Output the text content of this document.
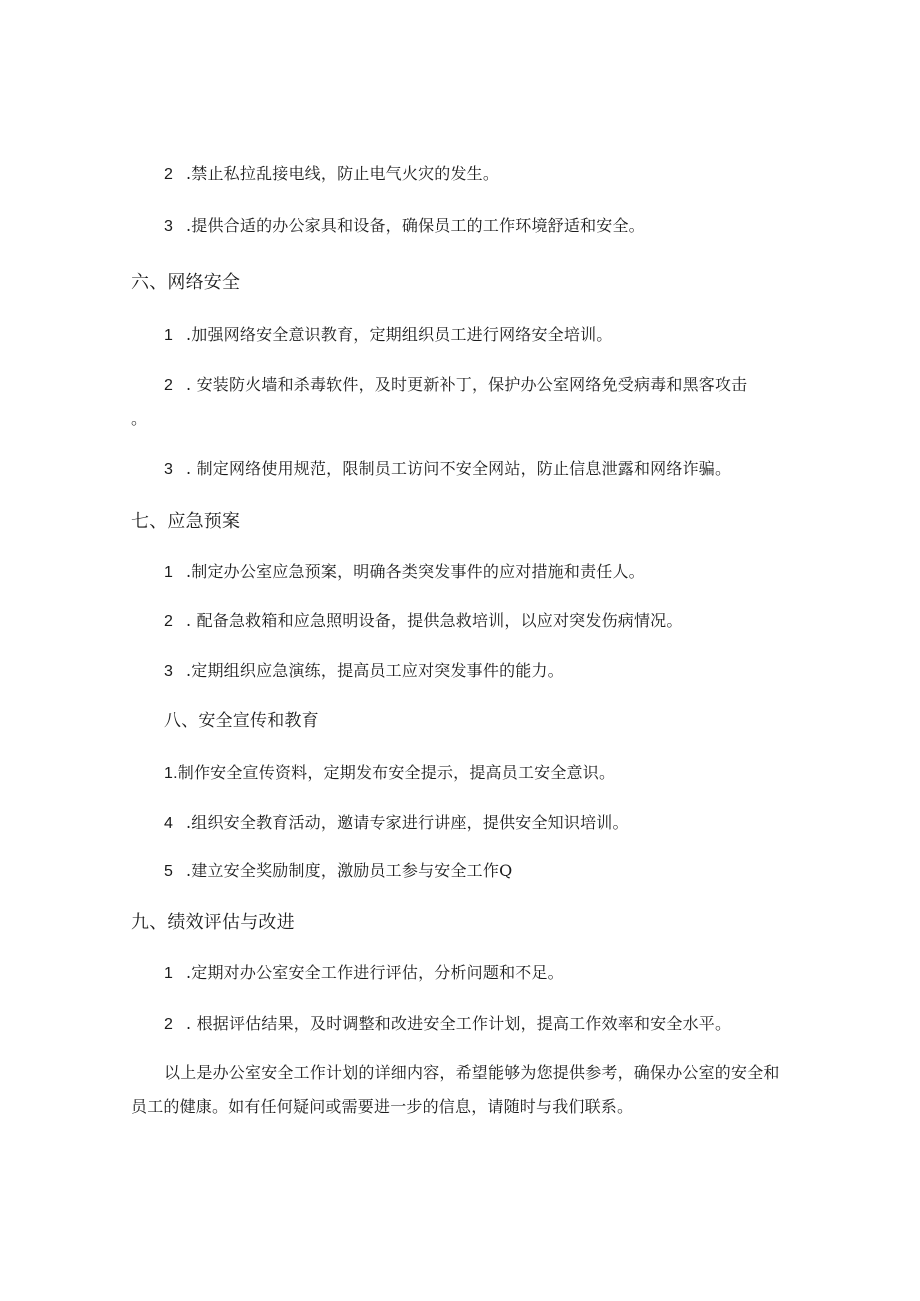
2 .禁止私拉乱接电线，防止电气火灾的发生。
3 .提供合适的办公家具和设备，确保员工的工作环境舒适和安全。
六、网络安全
1 .加强网络安全意识教育，定期组织员工进行网络安全培训。
2 . 安装防火墙和杀毒软件，及时更新补丁，保护办公室网络免受病毒和黑客攻击
。
3 . 制定网络使用规范，限制员工访问不安全网站，防止信息泄露和网络诈骗。
七、应急预案
1 .制定办公室应急预案，明确各类突发事件的应对措施和责任人。
2 . 配备急救箱和应急照明设备，提供急救培训，以应对突发伤病情况。
3 .定期组织应急演练，提高员工应对突发事件的能力。
八、安全宣传和教育
1.制作安全宣传资料，定期发布安全提示，提高员工安全意识。
4 .组织安全教育活动，邀请专家进行讲座，提供安全知识培训。
5 .建立安全奖励制度，激励员工参与安全工作Q
九、绩效评估与改进
1 .定期对办公室安全工作进行评估，分析问题和不足。
2 . 根据评估结果，及时调整和改进安全工作计划，提高工作效率和安全水平。
以上是办公室安全工作计划的详细内容，希望能够为您提供参考，确保办公室的安全和员工的健康。如有任何疑问或需要进一步的信息，请随时与我们联系。
